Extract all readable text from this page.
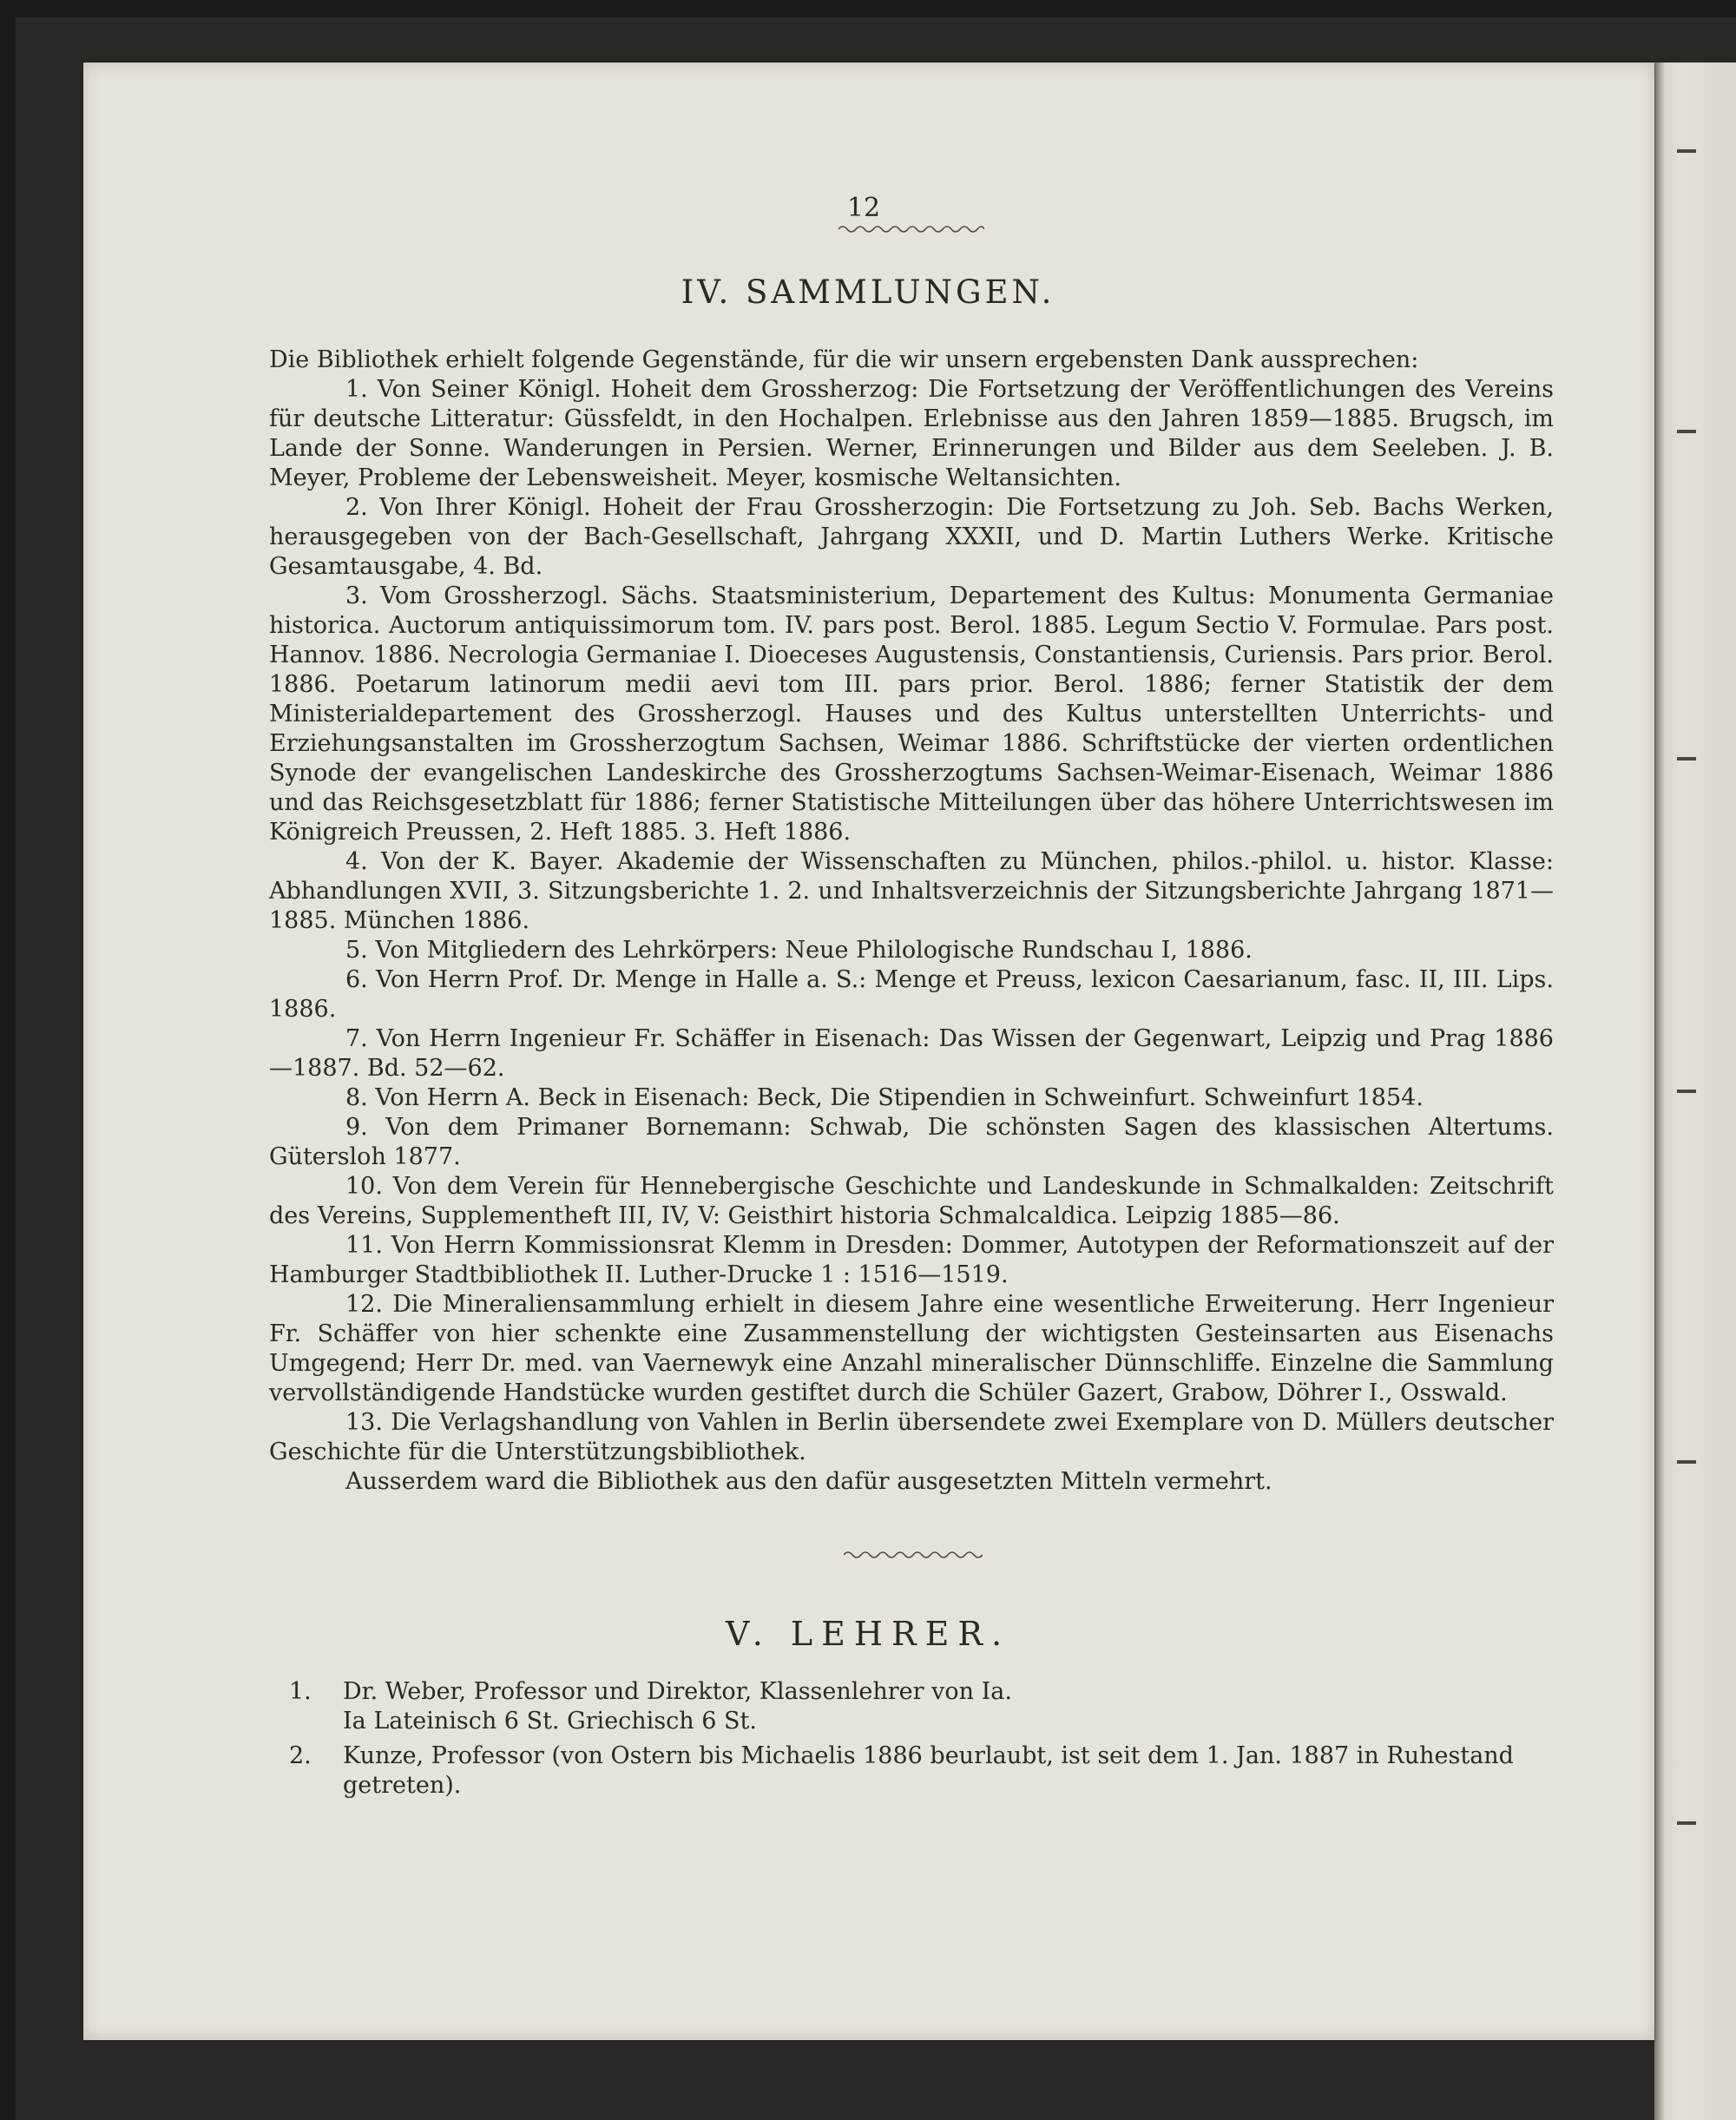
12
IV. SAMMLUNGEN.

Die Bibliothek erhielt folgende Gegenstände, für die wir unsern ergebensten Dank aussprechen:

1. Von Seiner Königl. Hoheit dem Grossherzog: Die Fortsetzung der Veröffentlichungen des Vereins für deutsche Litteratur: Güssfeldt, in den Hochalpen. Erlebnisse aus den Jahren 1859—1885. Brugsch, im Lande der Sonne. Wanderungen in Persien. Werner, Erinnerungen und Bilder aus dem Seeleben. J. B. Meyer, Probleme der Lebensweisheit. Meyer, kosmische Weltansichten.

2. Von Ihrer Königl. Hoheit der Frau Grossherzogin: Die Fortsetzung zu Joh. Seb. Bachs Werken, herausgegeben von der Bach-Gesellschaft, Jahrgang XXXII, und D. Martin Luthers Werke. Kritische Gesamtausgabe, 4. Bd.

3. Vom Grossherzogl. Sächs. Staatsministerium, Departement des Kultus: Monumenta Germaniae historica. Auctorum antiquissimorum tom. IV. pars post. Berol. 1885. Legum Sectio V. Formulae. Pars post. Hannov. 1886. Necrologia Germaniae I. Dioeceses Augustensis, Constantiensis, Curiensis. Pars prior. Berol. 1886. Poetarum latinorum medii aevi tom III. pars prior. Berol. 1886; ferner Statistik der dem Ministerialdepartement des Grossherzogl. Hauses und des Kultus unterstellten Unterrichts- und Erziehungsanstalten im Grossherzogtum Sachsen, Weimar 1886. Schriftstücke der vierten ordentlichen Synode der evangelischen Landeskirche des Grossherzogtums Sachsen-Weimar-Eisenach, Weimar 1886 und das Reichsgesetzblatt für 1886; ferner Statistische Mitteilungen über das höhere Unterrichtswesen im Königreich Preussen, 2. Heft 1885. 3. Heft 1886.

4. Von der K. Bayer. Akademie der Wissenschaften zu München, philos.-philol. u. histor. Klasse: Abhandlungen XVII, 3. Sitzungsberichte 1. 2. und Inhaltsverzeichnis der Sitzungsberichte Jahrgang 1871—1885. München 1886.

5. Von Mitgliedern des Lehrkörpers: Neue Philologische Rundschau I, 1886.

6. Von Herrn Prof. Dr. Menge in Halle a. S.: Menge et Preuss, lexicon Caesarianum, fasc. II, III. Lips. 1886.

7. Von Herrn Ingenieur Fr. Schäffer in Eisenach: Das Wissen der Gegenwart, Leipzig und Prag 1886—1887. Bd. 52—62.

8. Von Herrn A. Beck in Eisenach: Beck, Die Stipendien in Schweinfurt. Schweinfurt 1854.

9. Von dem Primaner Bornemann: Schwab, Die schönsten Sagen des klassischen Altertums. Gütersloh 1877.

10. Von dem Verein für Hennebergische Geschichte und Landeskunde in Schmalkalden: Zeitschrift des Vereins, Supplementheft III, IV, V: Geisthirt historia Schmalcaldica. Leipzig 1885—86.

11. Von Herrn Kommissionsrat Klemm in Dresden: Dommer, Autotypen der Reformationszeit auf der Hamburger Stadtbibliothek II. Luther-Drucke 1 : 1516—1519.

12. Die Mineraliensammlung erhielt in diesem Jahre eine wesentliche Erweiterung. Herr Ingenieur Fr. Schäffer von hier schenkte eine Zusammenstellung der wichtigsten Gesteinsarten aus Eisenachs Umgegend; Herr Dr. med. van Vaernewyk eine Anzahl mineralischer Dünnschliffe. Einzelne die Sammlung vervollständigende Handstücke wurden gestiftet durch die Schüler Gazert, Grabow, Döhrer I., Osswald.

13. Die Verlagshandlung von Vahlen in Berlin übersendete zwei Exemplare von D. Müllers deutscher Geschichte für die Unterstützungsbibliothek.

Ausserdem ward die Bibliothek aus den dafür ausgesetzten Mitteln vermehrt.

V. LEHRER.
1. Dr. Weber, Professor und Direktor, Klassenlehrer von Ia.
Ia Lateinisch 6 St. Griechisch 6 St.
2. Kunze, Professor (von Ostern bis Michaelis 1886 beurlaubt, ist seit dem 1. Jan. 1887 in Ruhestand getreten).
